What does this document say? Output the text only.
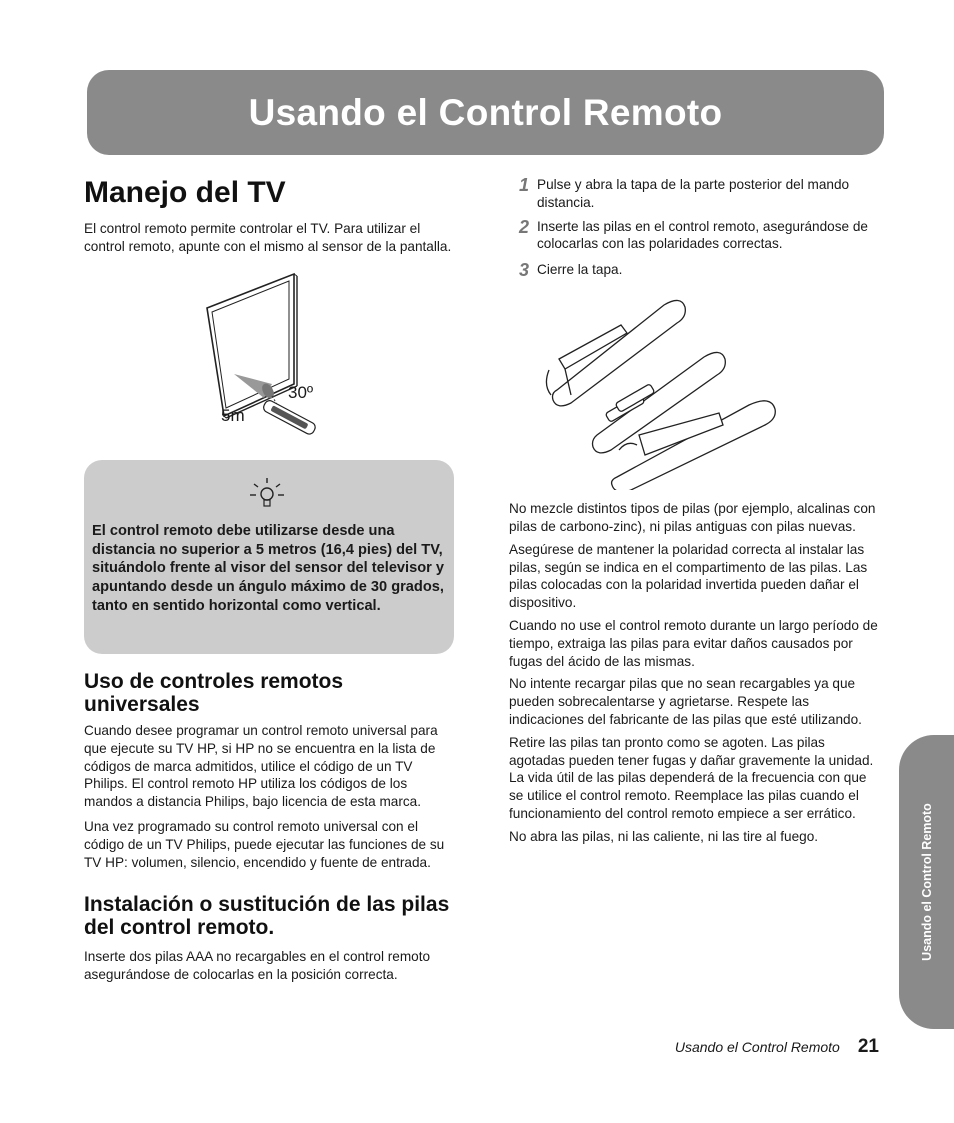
Usando el Control Remoto
Manejo del TV

El control remoto permite controlar el TV. Para utilizar el control remoto, apunte con el mismo al sensor de la pantalla.

30º
5m

El control remoto debe utilizarse desde una distancia no superior a 5 metros (16,4 pies) del TV, situándolo frente al visor del sensor del televisor y apuntando desde un ángulo máximo de 30 grados, tanto en sentido horizontal como vertical.

Uso de controles remotos universales

Cuando desee programar un control remoto universal para que ejecute su TV HP, si HP no se encuentra en la lista de códigos de marca admitidos, utilice el código de un TV Philips. El control remoto HP utiliza los códigos de los mandos a distancia Philips, bajo licencia de esta marca.

Una vez programado su control remoto universal con el código de un TV Philips, puede ejecutar las funciones de su TV HP: volumen, silencio, encendido y fuente de entrada.

Instalación o sustitución de las pilas del control remoto.

Inserte dos pilas AAA no recargables en el control remoto asegurándose de colocarlas en la posición correcta.

1 Pulse y abra la tapa de la parte posterior del mando distancia.

2 Inserte las pilas en el control remoto, asegurándose de colocarlas con las polaridades correctas.

3 Cierre la tapa.

No mezcle distintos tipos de pilas (por ejemplo, alcalinas con pilas de carbono-zinc), ni pilas antiguas con pilas nuevas.

Asegúrese de mantener la polaridad correcta al instalar las pilas, según se indica en el compartimento de las pilas. Las pilas colocadas con la polaridad invertida pueden dañar el dispositivo.

Cuando no use el control remoto durante un largo período de tiempo, extraiga las pilas para evitar daños causados por fugas del ácido de las mismas.

No intente recargar pilas que no sean recargables ya que pueden sobrecalentarse y agrietarse. Respete las indicaciones del fabricante de las pilas que esté utilizando.

Retire las pilas tan pronto como se agoten. Las pilas agotadas pueden tener fugas y dañar gravemente la unidad. La vida útil de las pilas dependerá de la frecuencia con que se utilice el control remoto. Reemplace las pilas cuando el funcionamiento del control remoto empiece a ser errático.

No abra las pilas, ni las caliente, ni las tire al fuego.	Usando el Control Remoto
Usando el Control Remoto 21
